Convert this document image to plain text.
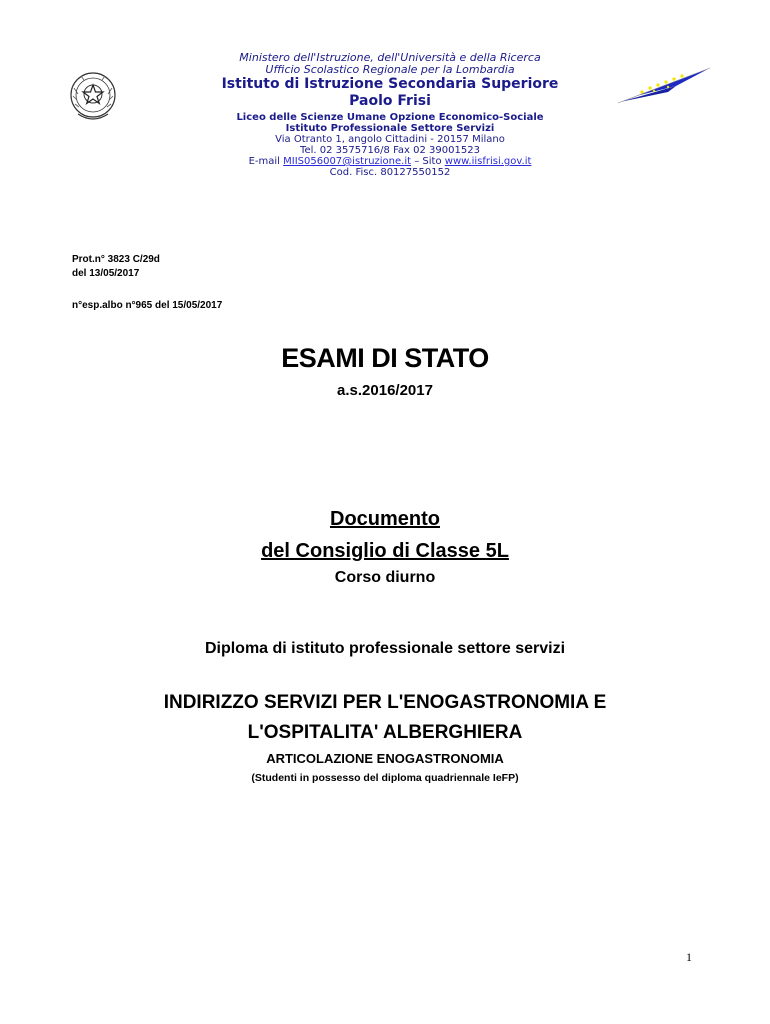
Ministero dell'Istruzione, dell'Università e della Ricerca
Ufficio Scolastico Regionale per la Lombardia
Istituto di Istruzione Secondaria Superiore
Paolo Frisi
Liceo delle Scienze Umane Opzione Economico-Sociale
Istituto Professionale Settore Servizi
Via Otranto 1, angolo Cittadini - 20157 Milano
Tel. 02 3575716/8 Fax 02 39001523
E-mail MIIS056007@istruzione.it – Sito www.iisfrisi.gov.it
Cod. Fisc. 80127550152
Prot.n° 3823 C/29d
del 13/05/2017
n°esp.albo n°965 del 15/05/2017
ESAMI DI STATO
a.s.2016/2017
Documento
del Consiglio di Classe 5L
Corso diurno
Diploma di istituto professionale settore servizi
INDIRIZZO SERVIZI PER L'ENOGASTRONOMIA E
L'OSPITALITA' ALBERGHIERA
ARTICOLAZIONE ENOGASTRONOMIA
(Studenti in possesso del diploma quadriennale IeFP)
1
